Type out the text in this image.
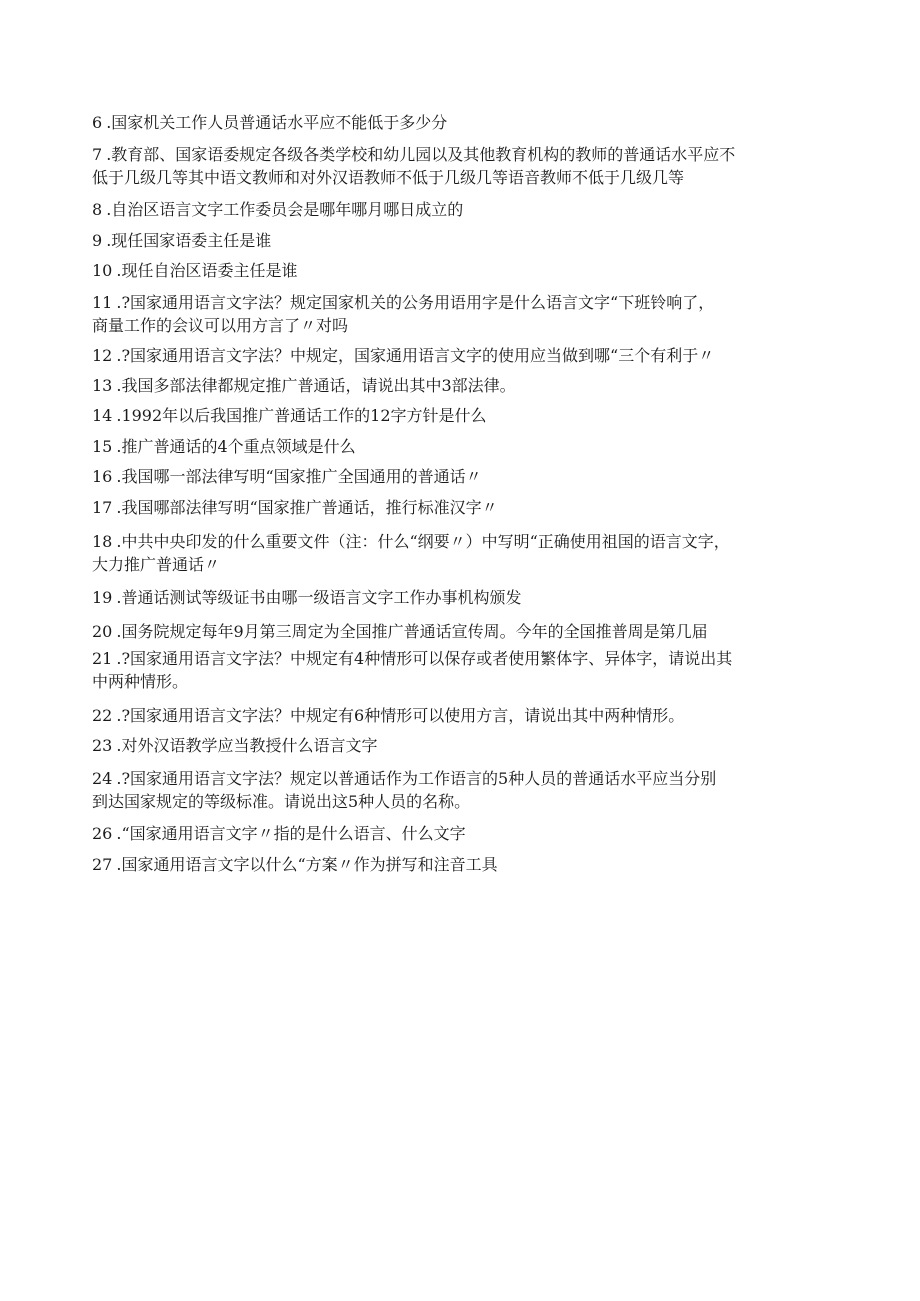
6 .国家机关工作人员普通话水平应不能低于多少分
7 .教育部、国家语委规定各级各类学校和幼儿园以及其他教育机构的教师的普通话水平应不
低于几级几等其中语文教师和对外汉语教师不低于几级几等语音教师不低于几级几等
8 .自治区语言文字工作委员会是哪年哪月哪日成立的
9 .现任国家语委主任是谁
10 .现任自治区语委主任是谁
11 .?国家通用语言文字法？规定国家机关的公务用语用字是什么语言文字“下班铃响了，
商量工作的会议可以用方言了〃对吗
12 .?国家通用语言文字法？中规定，国家通用语言文字的使用应当做到哪“三个有利于〃
13 .我国多部法律都规定推广普通话，请说出其中3部法律。
14 .1992年以后我国推广普通话工作的12字方针是什么
15 .推广普通话的4个重点领域是什么
16 .我国哪一部法律写明“国家推广全国通用的普通话〃
17 .我国哪部法律写明“国家推广普通话，推行标准汉字〃
18 .中共中央印发的什么重要文件（注：什么“纲要〃）中写明“正确使用祖国的语言文字，
大力推广普通话〃
19 .普通话测试等级证书由哪一级语言文字工作办事机构颁发
20 .国务院规定每年9月第三周定为全国推广普通话宣传周。今年的全国推普周是第几届
21 .?国家通用语言文字法？中规定有4种情形可以保存或者使用繁体字、异体字，请说出其
中两种情形。
22 .?国家通用语言文字法？中规定有6种情形可以使用方言，请说出其中两种情形。
23 .对外汉语教学应当教授什么语言文字
24 .?国家通用语言文字法？规定以普通话作为工作语言的5种人员的普通话水平应当分别
到达国家规定的等级标准。请说出这5种人员的名称。
26 .“国家通用语言文字〃指的是什么语言、什么文字
27 .国家通用语言文字以什么“方案〃作为拼写和注音工具
